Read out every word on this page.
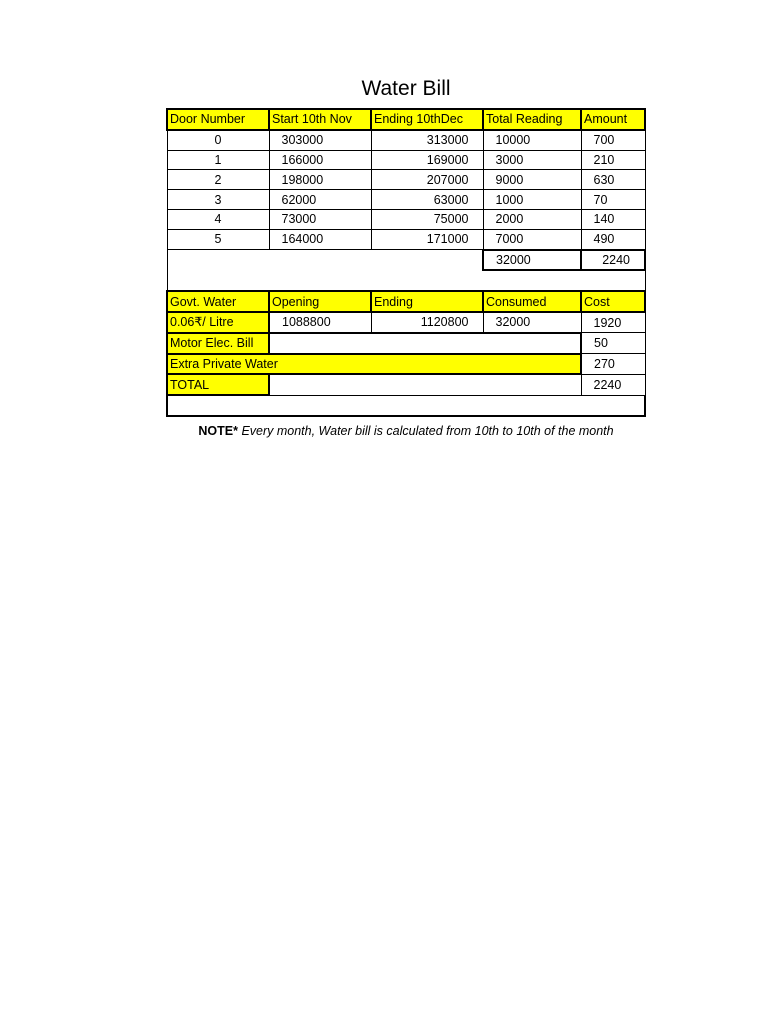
Water Bill
Door Number	Start 10th Nov	Ending 10thDec	Total Reading	Amount
0	303000	313000	10000	700
1	166000	169000	3000	210
2	198000	207000	9000	630
3	62000	63000	1000	70
4	73000	75000	2000	140
5	164000	171000	7000	490
			32000	2240

Govt. Water	Opening	Ending	Consumed	Cost
0.06₹/ Litre	1088800	1120800	32000	1920
Motor Elec. Bill				50
Extra Private Water				270
TOTAL				2240

NOTE* Every month, Water bill is calculated from 10th to 10th of the month
